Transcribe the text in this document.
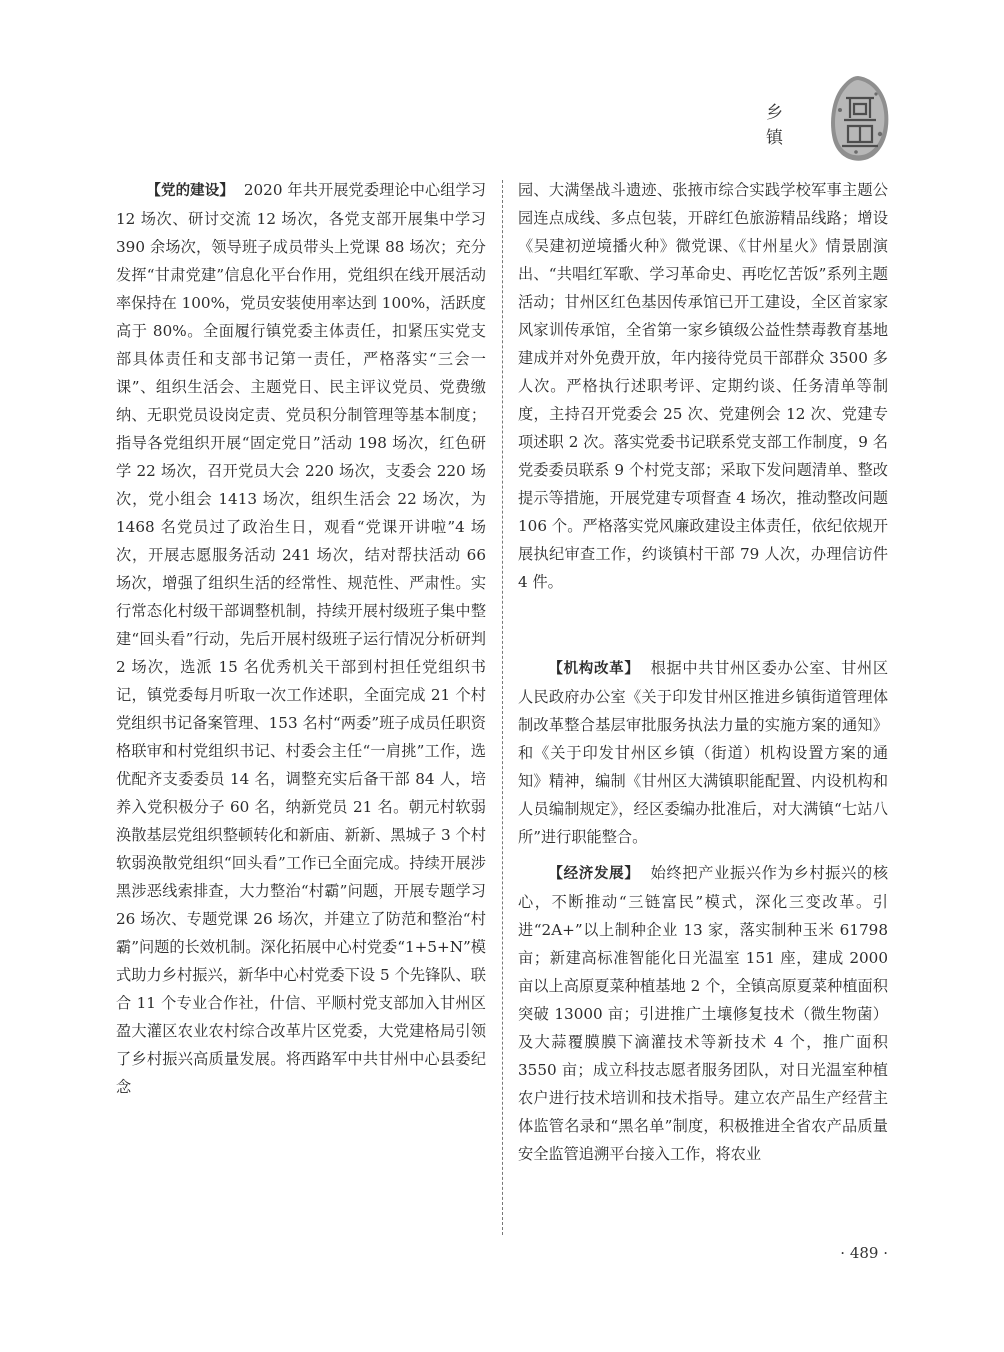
乡 镇

【党的建设】 2020 年共开展党委理论中心组学习 12 场次、研讨交流 12 场次，各党支部开展集中学习 390 余场次，领导班子成员带头上党课 88 场次；充分发挥“甘肃党建”信息化平台作用，党组织在线开展活动率保持在 100%，党员安装使用率达到 100%，活跃度高于 80%。全面履行镇党委主体责任，扣紧压实党支部具体责任和支部书记第一责任，严格落实“三会一课”、组织生活会、主题党日、民主评议党员、党费缴纳、无职党员设岗定责、党员积分制管理等基本制度；指导各党组织开展“固定党日”活动 198 场次，红色研学 22 场次，召开党员大会 220 场次，支委会 220 场次，党小组会 1413 场次，组织生活会 22 场次，为 1468 名党员过了政治生日，观看“党课开讲啦”4 场次，开展志愿服务活动 241 场次，结对帮扶活动 66 场次，增强了组织生活的经常性、规范性、严肃性。实行常态化村级干部调整机制，持续开展村级班子集中整建“回头看”行动，先后开展村级班子运行情况分析研判 2 场次，选派 15 名优秀机关干部到村担任党组织书记，镇党委每月听取一次工作述职，全面完成 21 个村党组织书记备案管理、153 名村“两委”班子成员任职资格联审和村党组织书记、村委会主任“一肩挑”工作，选优配齐支委委员 14 名，调整充实后备干部 84 人，培养入党积极分子 60 名，纳新党员 21 名。朝元村软弱涣散基层党组织整顿转化和新庙、新新、黑城子 3 个村软弱涣散党组织“回头看”工作已全面完成。持续开展涉黑涉恶线索排查，大力整治“村霸”问题，开展专题学习 26 场次、专题党课 26 场次，并建立了防范和整治“村霸”问题的长效机制。深化拓展中心村党委“1+5+N”模式助力乡村振兴，新华中心村党委下设 5 个先锋队、联合 11 个专业合作社，什信、平顺村党支部加入甘州区盈大灌区农业农村综合改革片区党委，大党建格局引领了乡村振兴高质量发展。将西路军中共甘州中心县委纪念

园、大满堡战斗遗迹、张掖市综合实践学校军事主题公园连点成线、多点包装，开辟红色旅游精品线路；增设《吴建初逆境播火种》微党课、《甘州星火》情景剧演出、“共唱红军歌、学习革命史、再吃忆苦饭”系列主题活动；甘州区红色基因传承馆已开工建设，全区首家家风家训传承馆，全省第一家乡镇级公益性禁毒教育基地建成并对外免费开放，年内接待党员干部群众 3500 多人次。严格执行述职考评、定期约谈、任务清单等制度，主持召开党委会 25 次、党建例会 12 次、党建专项述职 2 次。落实党委书记联系党支部工作制度，9 名党委委员联系 9 个村党支部；采取下发问题清单、整改提示等措施，开展党建专项督查 4 场次，推动整改问题 106 个。严格落实党风廉政建设主体责任，依纪依规开展执纪审查工作，约谈镇村干部 79 人次，办理信访件 4 件。

【机构改革】 根据中共甘州区委办公室、甘州区人民政府办公室《关于印发甘州区推进乡镇街道管理体制改革整合基层审批服务执法力量的实施方案的通知》和《关于印发甘州区乡镇（街道）机构设置方案的通知》精神，编制《甘州区大满镇职能配置、内设机构和人员编制规定》，经区委编办批准后，对大满镇“七站八所”进行职能整合。

【经济发展】 始终把产业振兴作为乡村振兴的核心，不断推动“三链富民”模式，深化三变改革。引进“2A+”以上制种企业 13 家，落实制种玉米 61798 亩；新建高标准智能化日光温室 151 座，建成 2000 亩以上高原夏菜种植基地 2 个，全镇高原夏菜种植面积突破 13000 亩；引进推广土壤修复技术（微生物菌）及大蒜覆膜膜下滴灌技术等新技术 4 个，推广面积 3550 亩；成立科技志愿者服务团队，对日光温室种植农户进行技术培训和技术指导。建立农产品生产经营主体监管名录和“黑名单”制度，积极推进全省农产品质量安全监管追溯平台接入工作，将农业

· 489 ·
